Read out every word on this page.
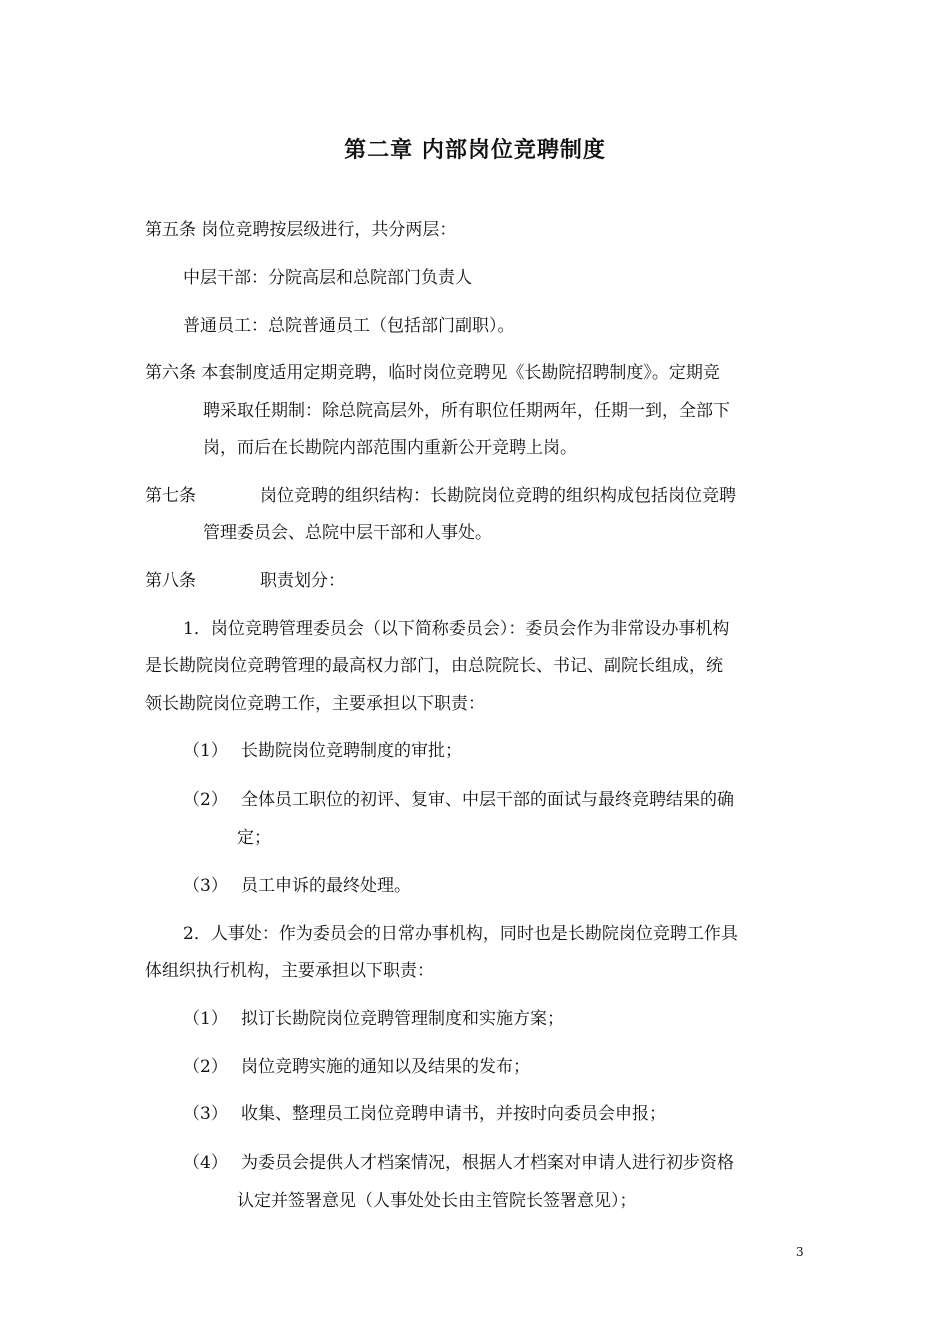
第二章 内部岗位竞聘制度
第五条 岗位竞聘按层级进行，共分两层：
中层干部：分院高层和总院部门负责人
普通员工：总院普通员工（包括部门副职）。
第六条 本套制度适用定期竞聘，临时岗位竞聘见《长勘院招聘制度》。定期竞
聘采取任期制：除总院高层外，所有职位任期两年，任期一到，全部下
岗，而后在长勘院内部范围内重新公开竞聘上岗。
第七条	岗位竞聘的组织结构：长勘院岗位竞聘的组织构成包括岗位竞聘
管理委员会、总院中层干部和人事处。
第八条	职责划分：
1．岗位竞聘管理委员会（以下简称委员会）：委员会作为非常设办事机构
是长勘院岗位竞聘管理的最高权力部门，由总院院长、书记、副院长组成，统
领长勘院岗位竞聘工作，主要承担以下职责：
（1） 长勘院岗位竞聘制度的审批；
（2） 全体员工职位的初评、复审、中层干部的面试与最终竞聘结果的确
定；
（3） 员工申诉的最终处理。
2．人事处：作为委员会的日常办事机构，同时也是长勘院岗位竞聘工作具
体组织执行机构，主要承担以下职责：
（1） 拟订长勘院岗位竞聘管理制度和实施方案；
（2） 岗位竞聘实施的通知以及结果的发布；
（3） 收集、整理员工岗位竞聘申请书，并按时向委员会申报；
（4） 为委员会提供人才档案情况，根据人才档案对申请人进行初步资格
认定并签署意见（人事处处长由主管院长签署意见）；
3
